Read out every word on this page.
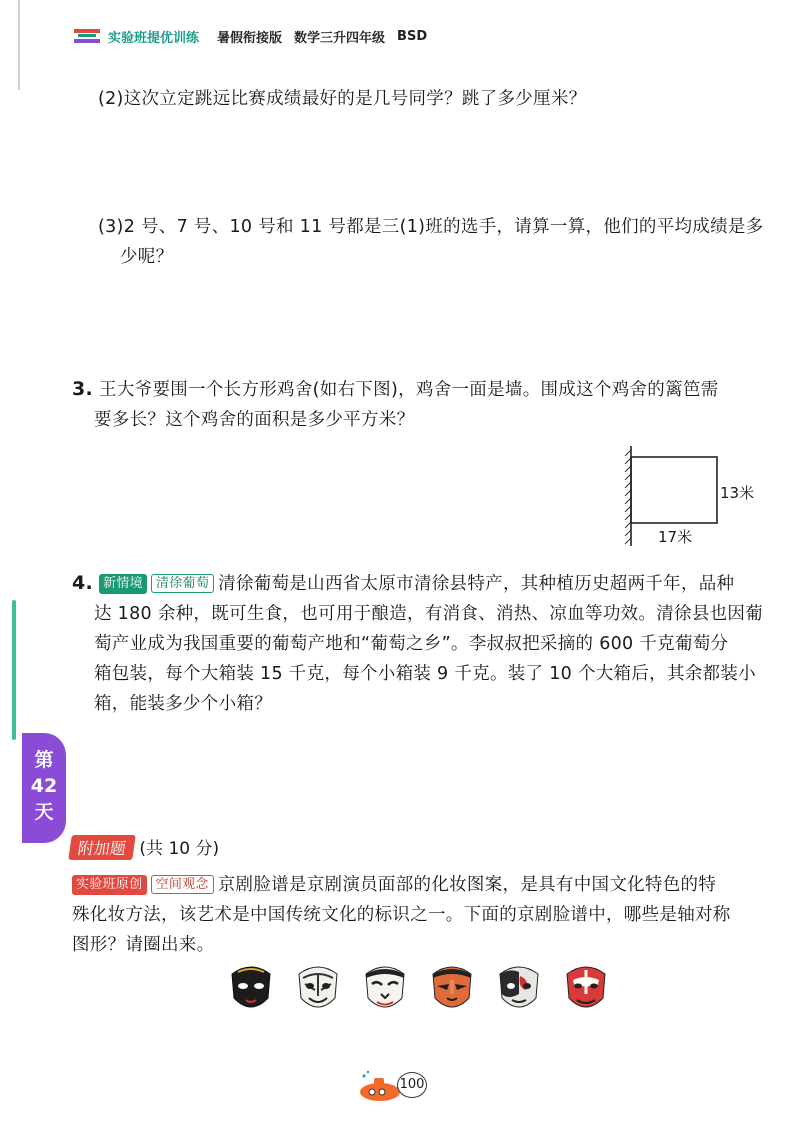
实验班提优训练 暑假衔接版 数学三升四年级 BSD
(2)这次立定跳远比赛成绩最好的是几号同学？跳了多少厘米？
(3)2 号、7 号、10 号和 11 号都是三(1)班的选手，请算一算，他们的平均成绩是多
少呢？
3. 王大爷要围一个长方形鸡舍(如右下图)，鸡舍一面是墙。围成这个鸡舍的篱笆需
要多长？这个鸡舍的面积是多少平方米？
13米
17米
4. 新情境 清徐葡萄 清徐葡萄是山西省太原市清徐县特产，其种植历史超两千年，品种
达 180 余种，既可生食，也可用于酿造，有消食、消热、凉血等功效。清徐县也因葡
萄产业成为我国重要的葡萄产地和“葡萄之乡”。李叔叔把采摘的 600 千克葡萄分
箱包装，每个大箱装 15 千克，每个小箱装 9 千克。装了 10 个大箱后，其余都装小
箱，能装多少个小箱？
第
42
天
附加题 (共 10 分)
实验班原创 空间观念 京剧脸谱是京剧演员面部的化妆图案，是具有中国文化特色的特
殊化妆方法，该艺术是中国传统文化的标识之一。下面的京剧脸谱中，哪些是轴对称
图形？请圈出来。
100
